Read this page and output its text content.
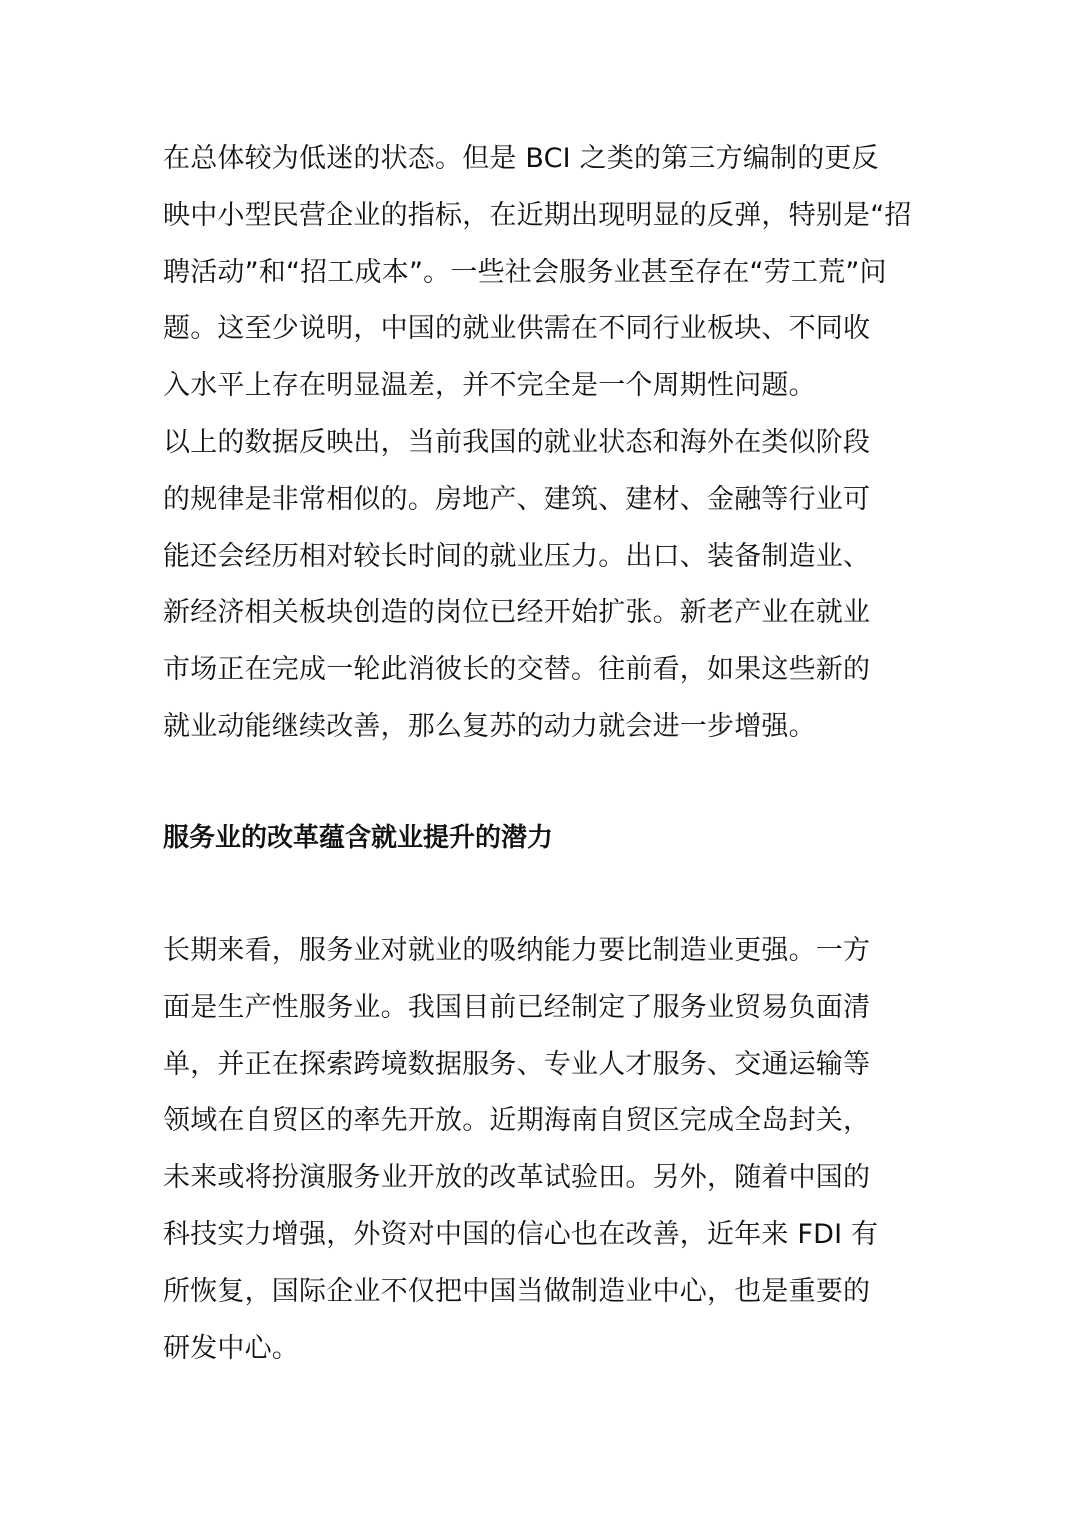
在总体较为低迷的状态。但是 BCI 之类的第三方编制的更反
映中小型民营企业的指标，在近期出现明显的反弹，特别是“招
聘活动”和“招工成本”。一些社会服务业甚至存在“劳工荒”问
题。这至少说明，中国的就业供需在不同行业板块、不同收
入水平上存在明显温差，并不完全是一个周期性问题。

以上的数据反映出，当前我国的就业状态和海外在类似阶段
的规律是非常相似的。房地产、建筑、建材、金融等行业可
能还会经历相对较长时间的就业压力。出口、装备制造业、
新经济相关板块创造的岗位已经开始扩张。新老产业在就业
市场正在完成一轮此消彼长的交替。往前看，如果这些新的
就业动能继续改善，那么复苏的动力就会进一步增强。

服务业的改革蕴含就业提升的潜力

长期来看，服务业对就业的吸纳能力要比制造业更强。一方
面是生产性服务业。我国目前已经制定了服务业贸易负面清
单，并正在探索跨境数据服务、专业人才服务、交通运输等
领域在自贸区的率先开放。近期海南自贸区完成全岛封关，
未来或将扮演服务业开放的改革试验田。另外，随着中国的
科技实力增强，外资对中国的信心也在改善，近年来 FDI 有
所恢复，国际企业不仅把中国当做制造业中心，也是重要的
研发中心。
